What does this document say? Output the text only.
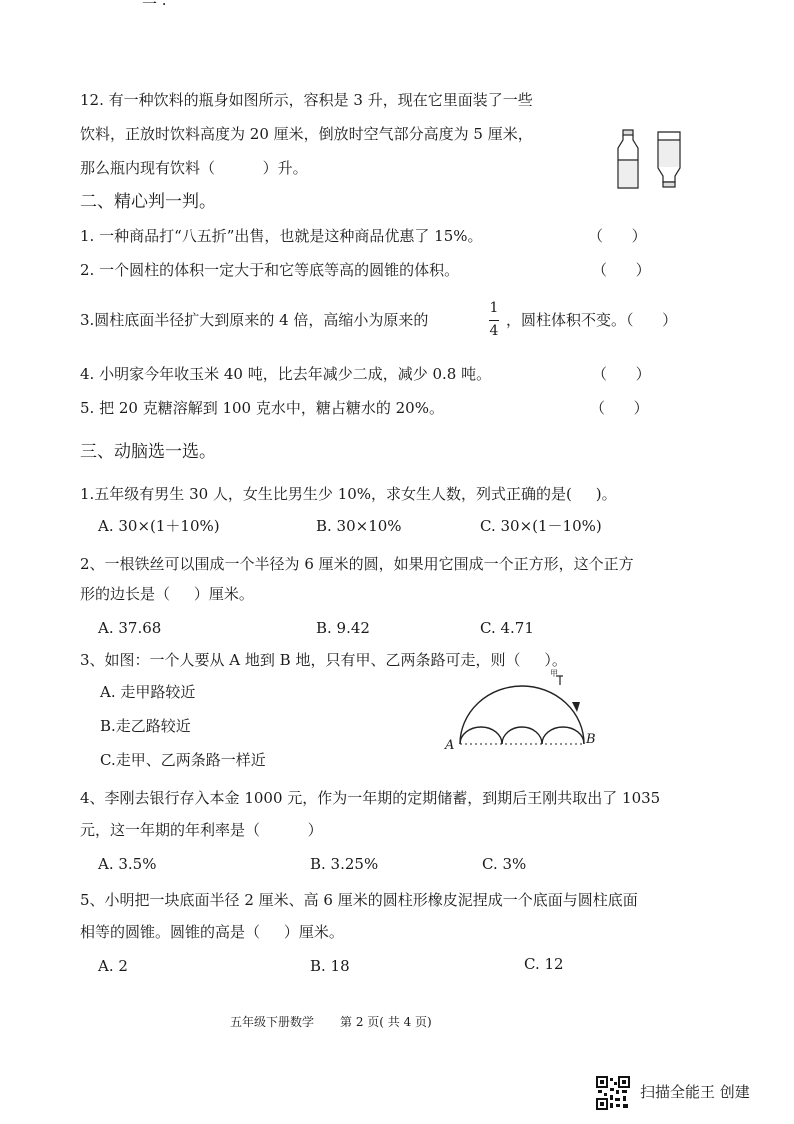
一 ·
12. 有一种饮料的瓶身如图所示，容积是 3 升，现在它里面装了一些
饮料，正放时饮料高度为 20 厘米，倒放时空气部分高度为 5 厘米，
那么瓶内现有饮料（          ）升。
二、精心判一判。
1. 一种商品打“八五折”出售，也就是这种商品优惠了 15%。	（      ）
2. 一个圆柱的体积一定大于和它等底等高的圆锥的体积。	（      ）
3.圆柱底面半径扩大到原来的 4 倍，高缩小为原来的
1
4
，圆柱体积不变。（      ）
4. 小明家今年收玉米 40 吨，比去年减少二成，减少 0.8 吨。	（      ）
5. 把 20 克糖溶解到 100 克水中，糖占糖水的 20%。	（      ）
三、动脑选一选。
1.五年级有男生 30 人，女生比男生少 10%，求女生人数，列式正确的是(     )。
A. 30×(1＋10%)	B. 30×10%	C. 30×(1－10%)
2、一根铁丝可以围成一个半径为 6 厘米的圆，如果用它围成一个正方形，这个正方
形的边长是（     ）厘米。
A. 37.68	B. 9.42	C. 4.71
3、如图：一个人要从 A 地到 B 地，只有甲、乙两条路可走，则（     ）。
A. 走甲路较近
B.走乙路较近
C.走甲、乙两条路一样近
A	B
甲
4、李刚去银行存入本金 1000 元，作为一年期的定期储蓄，到期后王刚共取出了 1035
元，这一年期的年利率是（          ）
A. 3.5%	B. 3.25%	C. 3%
5、小明把一块底面半径 2 厘米、高 6 厘米的圆柱形橡皮泥捏成一个底面与圆柱底面
相等的圆锥。圆锥的高是（     ）厘米。
A. 2	B. 18	C. 12
五年级下册数学 第 2 页( 共 4 页)
扫描全能王 创建
